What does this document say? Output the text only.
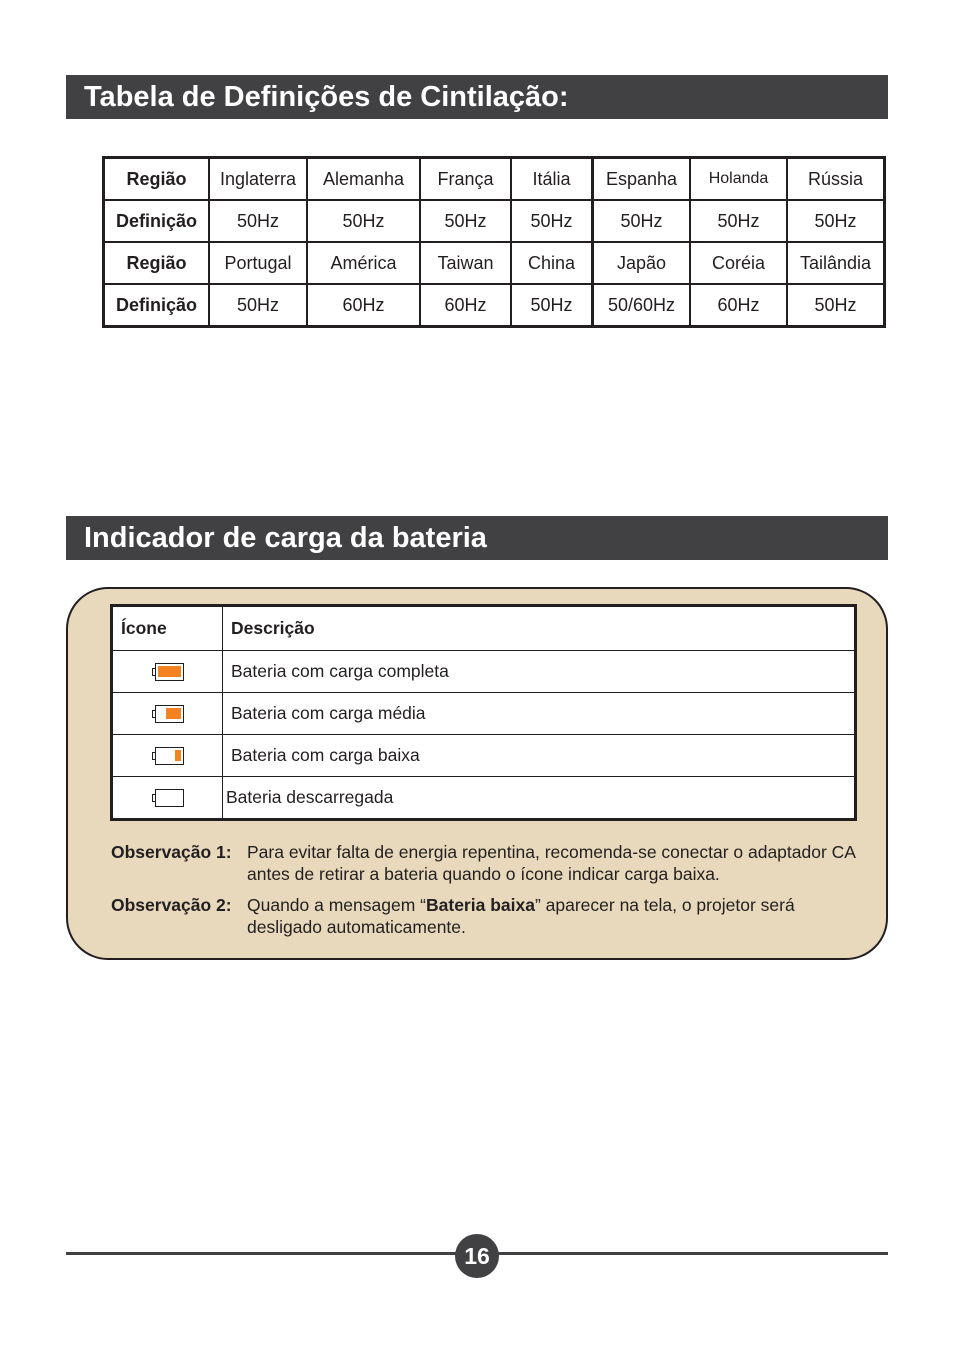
Tabela de Definições de Cintilação:
Região	Inglaterra	Alemanha	França	Itália	Espanha	Holanda	Rússia
Definição	50Hz	50Hz	50Hz	50Hz	50Hz	50Hz	50Hz
Região	Portugal	América	Taiwan	China	Japão	Coréia	Tailândia
Definição	50Hz	60Hz	60Hz	50Hz	50/60Hz	60Hz	50Hz
Indicador de carga da bateria
Ícone	Descrição

	Bateria com carga completa

	Bateria com carga média

	Bateria com carga baixa

	Bateria descarregada
Observação 1: Para evitar falta de energia repentina, recomenda-se conectar o adaptador CA antes de retirar a bateria quando o ícone indicar carga baixa.
Observação 2: Quando a mensagem “Bateria baixa” aparecer na tela, o projetor será desligado automaticamente.
16
